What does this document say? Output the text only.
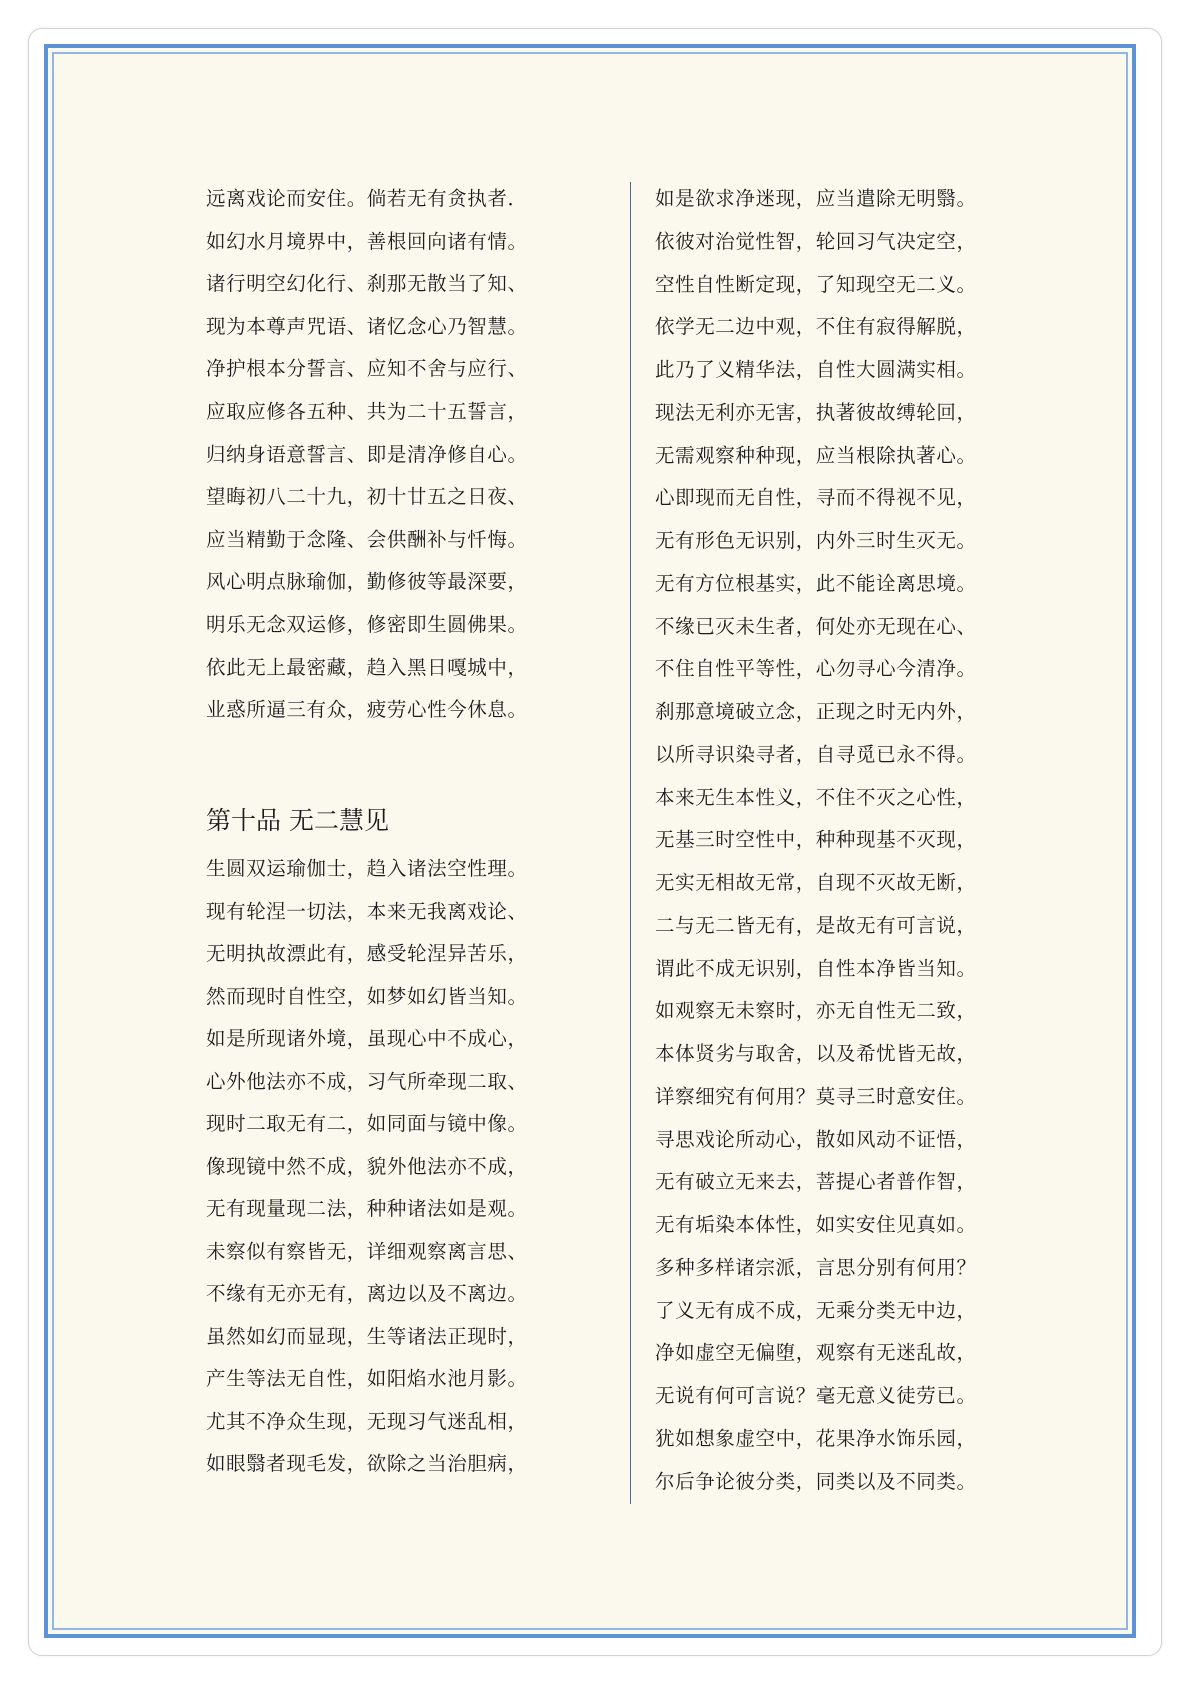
远离戏论而安住。倘若无有贪执者．
如幻水月境界中，善根回向诸有情。
诸行明空幻化行、刹那无散当了知、
现为本尊声咒语、诸忆念心乃智慧。
净护根本分誓言、应知不舍与应行、
应取应修各五种、共为二十五誓言，
归纳身语意誓言、即是清净修自心。
望晦初八二十九，初十廿五之日夜、
应当精勤于念隆、会供酬补与忏悔。
风心明点脉瑜伽，勤修彼等最深要，
明乐无念双运修，修密即生圆佛果。
依此无上最密藏，趋入黑日嘎城中，
业惑所逼三有众，疲劳心性今休息。
第十品 无二慧见
生圆双运瑜伽士，趋入诸法空性理。
现有轮涅一切法，本来无我离戏论、
无明执故漂此有，感受轮涅异苦乐，
然而现时自性空，如梦如幻皆当知。
如是所现诸外境，虽现心中不成心，
心外他法亦不成，习气所牵现二取、
现时二取无有二，如同面与镜中像。
像现镜中然不成，貌外他法亦不成，
无有现量现二法，种种诸法如是观。
未察似有察皆无，详细观察离言思、
不缘有无亦无有，离边以及不离边。
虽然如幻而显现，生等诸法正现时，
产生等法无自性，如阳焰水池月影。
尤其不净众生现，无现习气迷乱相，
如眼翳者现毛发，欲除之当治胆病，
如是欲求净迷现，应当遣除无明翳。
依彼对治觉性智，轮回习气决定空，
空性自性断定现，了知现空无二义。
依学无二边中观，不住有寂得解脱，
此乃了义精华法，自性大圆满实相。
现法无利亦无害，执著彼故缚轮回，
无需观察种种现，应当根除执著心。
心即现而无自性，寻而不得视不见，
无有形色无识别，内外三时生灭无。
无有方位根基实，此不能诠离思境。
不缘已灭未生者，何处亦无现在心、
不住自性平等性，心勿寻心今清净。
刹那意境破立念，正现之时无内外，
以所寻识染寻者，自寻觅已永不得。
本来无生本性义，不住不灭之心性，
无基三时空性中，种种现基不灭现，
无实无相故无常，自现不灭故无断，
二与无二皆无有，是故无有可言说，
谓此不成无识别，自性本净皆当知。
如观察无未察时，亦无自性无二致，
本体贤劣与取舍，以及希忧皆无故，
详察细究有何用？莫寻三时意安住。
寻思戏论所动心，散如风动不证悟，
无有破立无来去，菩提心者普作智，
无有垢染本体性，如实安住见真如。
多种多样诸宗派，言思分别有何用？
了义无有成不成，无乘分类无中边，
净如虚空无偏堕，观察有无迷乱故，
无说有何可言说？毫无意义徒劳已。
犹如想象虚空中，花果净水饰乐园，
尔后争论彼分类，同类以及不同类。
